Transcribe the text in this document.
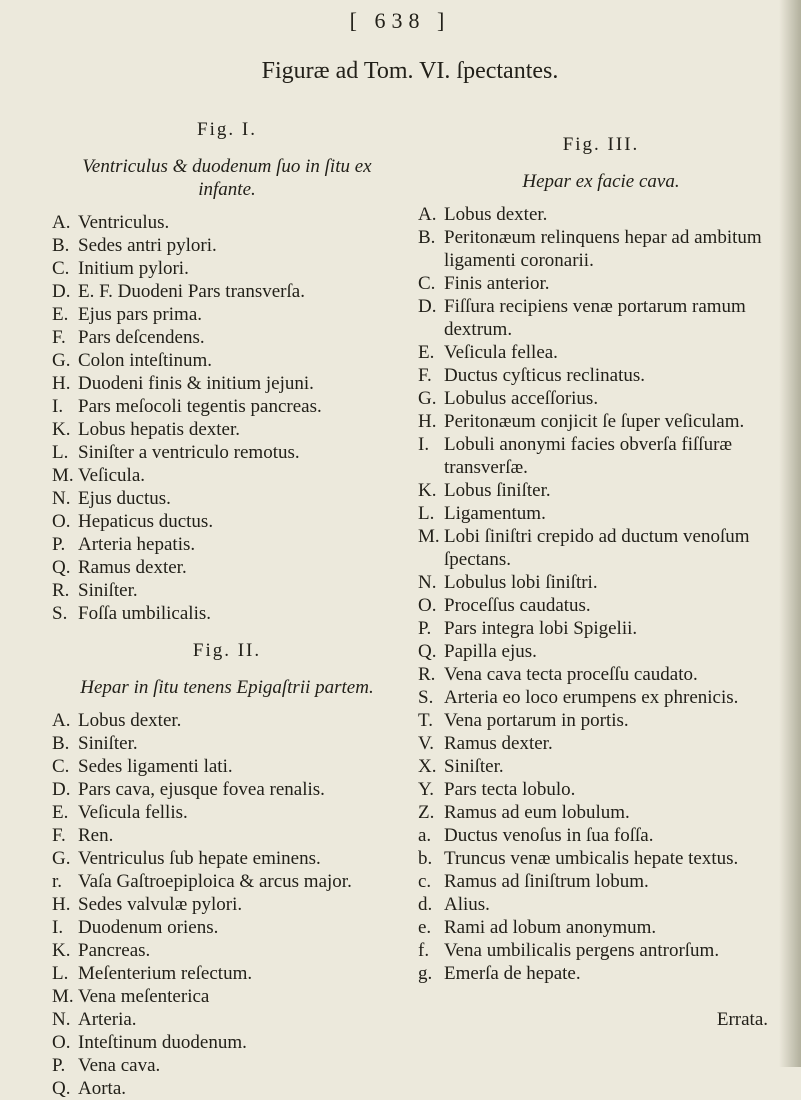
[ 638 ]
Figuræ ad Tom. VI. ſpectantes.
Fig. I.
Ventriculus & duodenum ſuo in ſitu ex infante.
A. Ventriculus.
B. Sedes antri pylori.
C. Initium pylori.
D. E. F. Duodeni Pars transverſa.
E. Ejus pars prima.
F. Pars deſcendens.
G. Colon inteſtinum.
H. Duodeni finis & initium jejuni.
I. Pars meſocoli tegentis pancreas.
K. Lobus hepatis dexter.
L. Siniſter a ventriculo remotus.
M. Veſicula.
N. Ejus ductus.
O. Hepaticus ductus.
P. Arteria hepatis.
Q. Ramus dexter.
R. Siniſter.
S. Foſſa umbilicalis.
Fig. II.
Hepar in ſitu tenens Epigaſtrii partem.
A. Lobus dexter.
B. Siniſter.
C. Sedes ligamenti lati.
D. Pars cava, ejusque fovea renalis.
E. Veſicula fellis.
F. Ren.
G. Ventriculus ſub hepate eminens.
r. Vaſa Gaſtroepiploica & arcus major.
H. Sedes valvulæ pylori.
I. Duodenum oriens.
K. Pancreas.
L. Meſenterium reſectum.
M. Vena meſenterica
N. Arteria.
O. Inteſtinum duodenum.
P. Vena cava.
Q. Aorta.
Fig. III.
Hepar ex facie cava.
A. Lobus dexter.
B. Peritonæum relinquens hepar ad ambitum ligamenti coronarii.
C. Finis anterior.
D. Fiſſura recipiens venæ portarum ramum dextrum.
E. Veſicula fellea.
F. Ductus cyſticus reclinatus.
G. Lobulus acceſſorius.
H. Peritonæum conjicit ſe ſuper veſiculam.
I. Lobuli anonymi facies obverſa fiſſuræ transverſæ.
K. Lobus ſiniſter.
L. Ligamentum.
M. Lobi ſiniſtri crepido ad ductum venoſum ſpectans.
N. Lobulus lobi ſiniſtri.
O. Proceſſus caudatus.
P. Pars integra lobi Spigelii.
Q. Papilla ejus.
R. Vena cava tecta proceſſu caudato.
S. Arteria eo loco erumpens ex phrenicis.
T. Vena portarum in portis.
V. Ramus dexter.
X. Siniſter.
Y. Pars tecta lobulo.
Z. Ramus ad eum lobulum.
a. Ductus venoſus in ſua foſſa.
b. Truncus venæ umbicalis hepate textus.
c. Ramus ad ſiniſtrum lobum.
d. Alius.
e. Rami ad lobum anonymum.
f. Vena umbilicalis pergens antrorſum.
g. Emerſa de hepate.
Errata.
